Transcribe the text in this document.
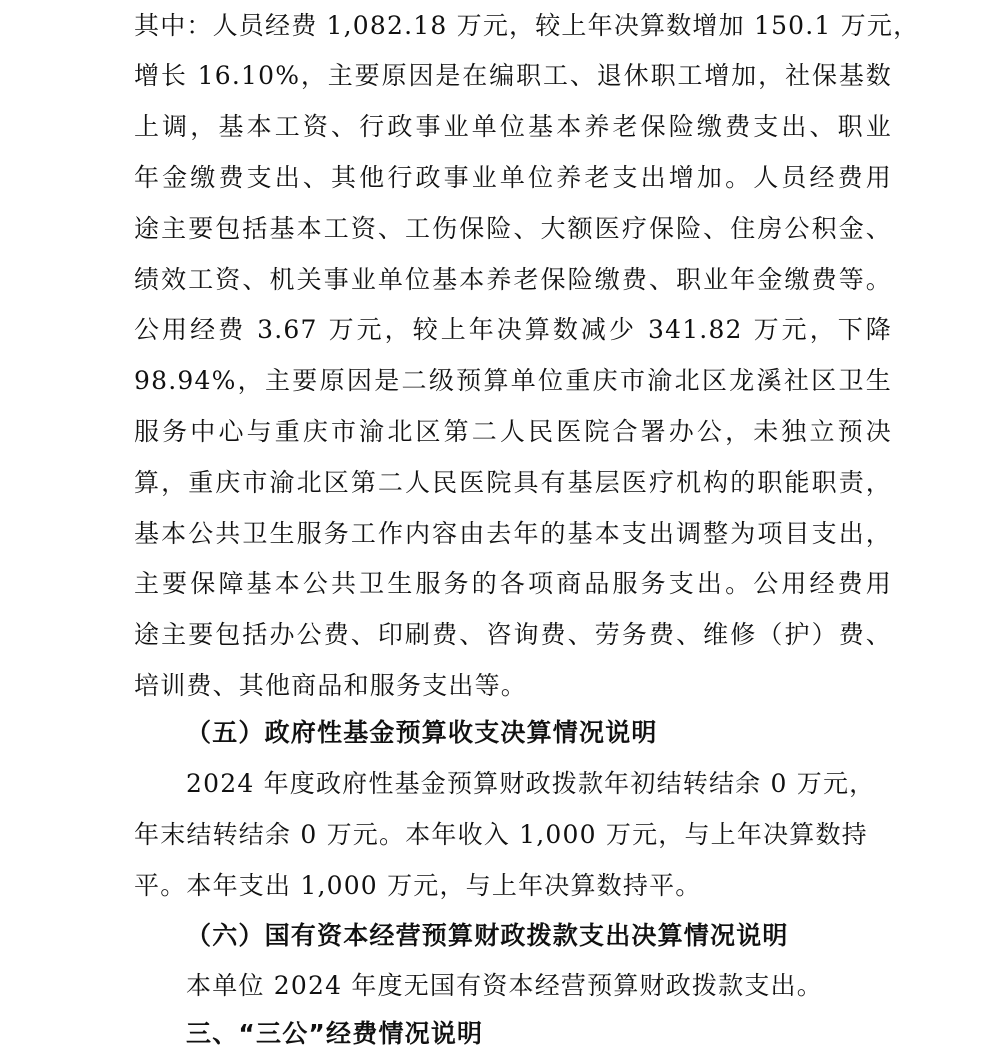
其中：人员经费 1,082.18 万元，较上年决算数增加 150.1 万元，
增长 16.10%，主要原因是在编职工、退休职工增加，社保基数
上调，基本工资、行政事业单位基本养老保险缴费支出、职业
年金缴费支出、其他行政事业单位养老支出增加。人员经费用
途主要包括基本工资、工伤保险、大额医疗保险、住房公积金、
绩效工资、机关事业单位基本养老保险缴费、职业年金缴费等。
公用经费 3.67 万元，较上年决算数减少 341.82 万元，下降
98.94%，主要原因是二级预算单位重庆市渝北区龙溪社区卫生
服务中心与重庆市渝北区第二人民医院合署办公，未独立预决
算，重庆市渝北区第二人民医院具有基层医疗机构的职能职责，
基本公共卫生服务工作内容由去年的基本支出调整为项目支出，
主要保障基本公共卫生服务的各项商品服务支出。公用经费用
途主要包括办公费、印刷费、咨询费、劳务费、维修（护）费、
培训费、其他商品和服务支出等。
（五）政府性基金预算收支决算情况说明
2024 年度政府性基金预算财政拨款年初结转结余 0 万元，
年末结转结余 0 万元。本年收入 1,000 万元，与上年决算数持
平。本年支出 1,000 万元，与上年决算数持平。
（六）国有资本经营预算财政拨款支出决算情况说明
本单位 2024 年度无国有资本经营预算财政拨款支出。
三、“三公”经费情况说明
